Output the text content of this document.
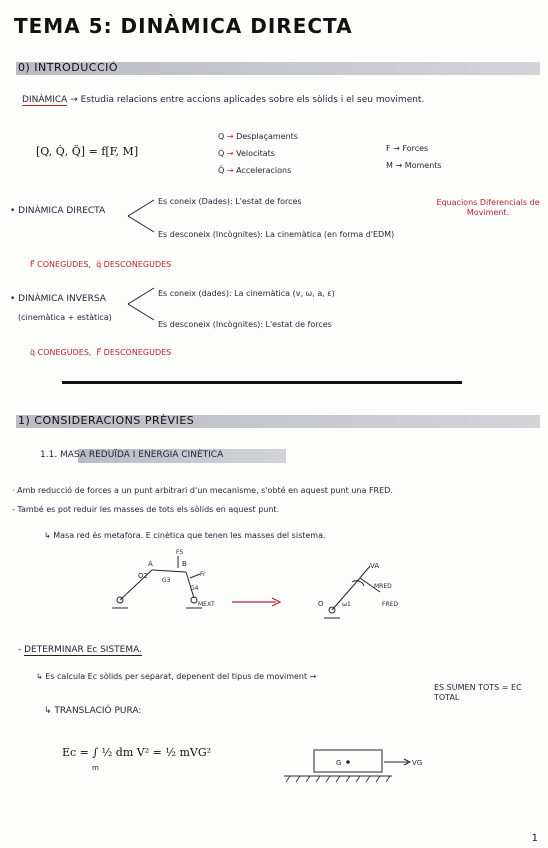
TEMA 5: DINÀMICA DIRECTA
0) INTRODUCCIÓ
DINÀMICA → Estudia relacions entre accions aplicades sobre els sòlids i el seu moviment.
[Q, Q̇, Q̈] = f[F, M]
Q → Desplaçaments
Q̇ → Velocitats
Q̈ → Acceleracions
F → Forces
M → Moments
• DINÀMICA DIRECTA
Es coneix (Dades): L'estat de forces
Es desconeix (Incògnites): La cinemàtica (en forma d'EDM)
Equacions Diferencials de Moviment.
F⃗ CONEGUDES, q̈ DESCONEGUDES
• DINÀMICA INVERSA
(cinemàtica + estàtica)
Es coneix (dades): La cinemàtica (v, ω, a, ε)
Es desconeix (Incògnites): L'estat de forces
q̈ CONEGUDES, F⃗ DESCONEGUDES
1) CONSIDERACIONS PRÈVIES
1.1. MASA REDUÏDA I ENERGIA CINÈTICA
· Amb reducció de forces a un punt arbitrari d'un mecanisme, s'obté en aquest punt una FRED.
- També es pot reduir les masses de tots els sòlids en aquest punt.
↳ Masa red és metafora. E cinètica que tenen les masses del sistema.
O2
A	B
FS
Fr
G3
G4
MEXT
VA
MRED
FRED
O	ω1
- DETERMINAR Ec SISTEMA.
↳ Es calcula Ec sòlids per separat, depenent del tipus de moviment →
ES SUMEN TOTS = EC TOTAL
↳ TRANSLACIÓ PURA:
Ec = ∫ ½ dm V² = ½ mVG²
m
G	VG
1
